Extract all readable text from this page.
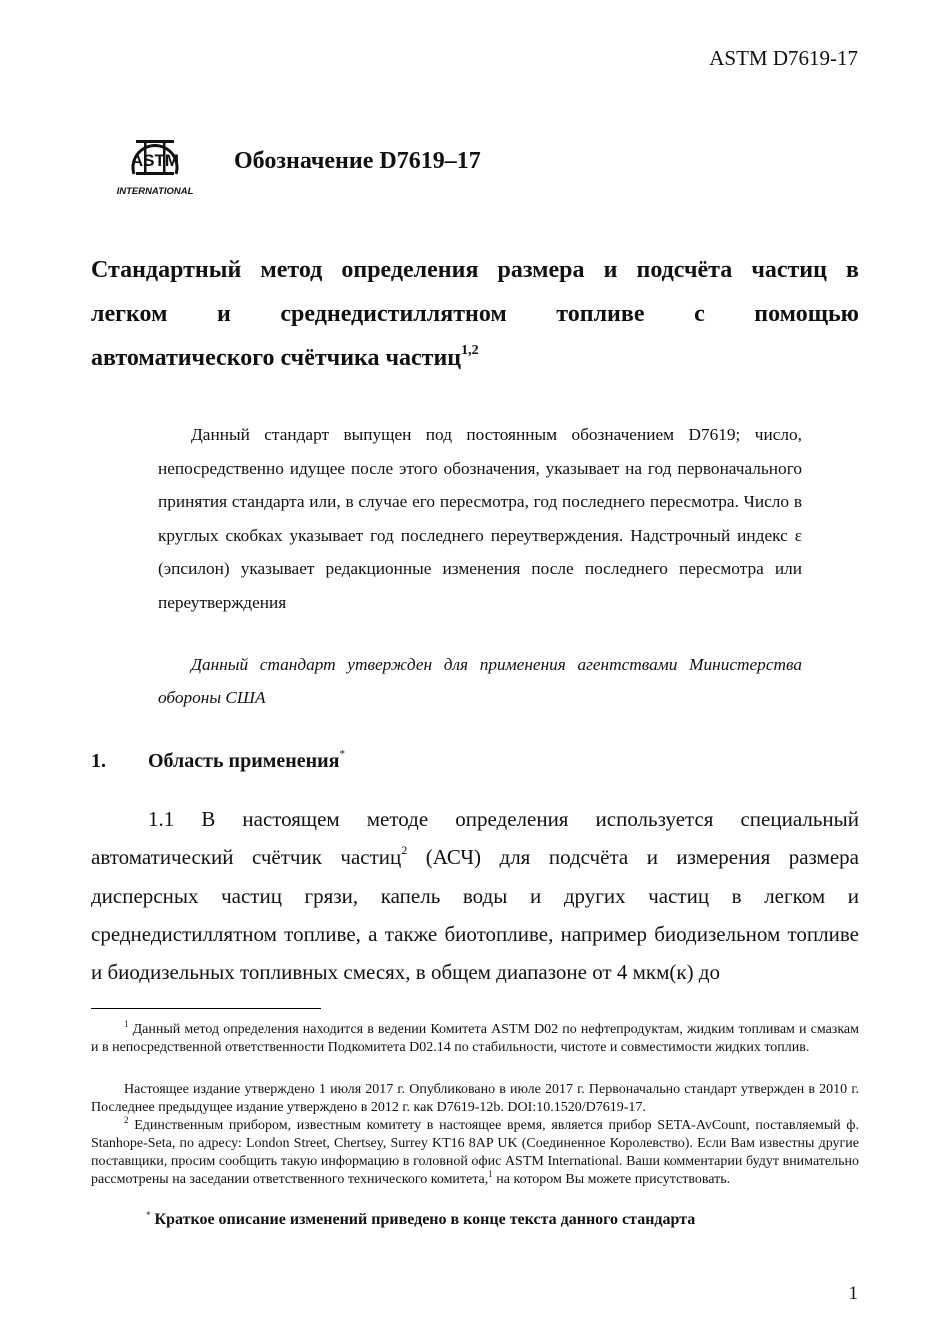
ASTM D7619-17
ASTM
INTERNATIONAL
Обозначение D7619–17

Стандартный метод определения размера и подсчёта частиц в
легком и среднедистиллятном топливе с помощью

автоматического счётчика частиц$^{1,2}$

Данный стандарт выпущен под постоянным обозначением D7619; число, непосредственно идущее после этого обозначения, указывает на год первоначального принятия стандарта или, в случае его пересмотра, год последнего пересмотра. Число в круглых скобках указывает год последнего переутверждения. Надстрочный индекс ε (эпсилон) указывает редакционные изменения после последнего пересмотра или переутверждения

Данный стандарт утвержден для применения агентствами Министерства обороны США

1. Область применения*

1.1 В настоящем методе определения используется специальный автоматический счётчик частиц$^2$ (АСЧ) для подсчёта и измерения размера дисперсных частиц грязи, капель воды и других частиц в легком и среднедистиллятном топливе, а также биотопливе, например биодизельном топливе и биодизельных топливных смесях, в общем диапазоне от 4 мкм(к) до

$^1$ Данный метод определения находится в ведении Комитета ASTM D02 по нефтепродуктам, жидким топливам и смазкам и в непосредственной ответственности Подкомитета D02.14 по стабильности, чистоте и совместимости жидких топлив.

Настоящее издание утверждено 1 июля 2017 г. Опубликовано в июле 2017 г. Первоначально стандарт утвержден в 2010 г. Последнее предыдущее издание утверждено в 2012 г. как D7619-12b. DOI:10.1520/D7619-17.

$^2$ Единственным прибором, известным комитету в настоящее время, является прибор SETA-AvCount, поставляемый ф. Stanhope-Seta, по адресу: London Street, Chertsey, Surrey KT16 8AP UK (Соединенное Королевство). Если Вам известны другие поставщики, просим сообщить такую информацию в головной офис ASTM International. Ваши комментарии будут внимательно рассмотрены на заседании ответственного технического комитета,$^1$ на котором Вы можете присутствовать.

* Краткое описание изменений приведено в конце текста данного стандарта
1
